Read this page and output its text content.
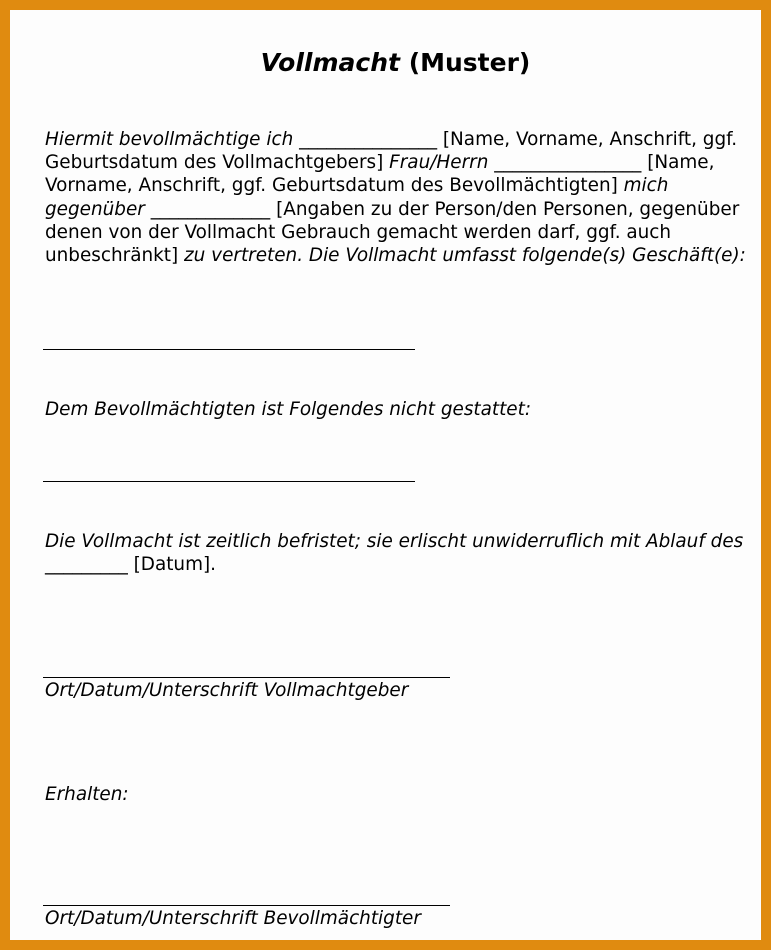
Vollmacht (Muster)
Hiermit bevollmächtige ich _______________ [Name, Vorname, Anschrift, ggf. Geburtsdatum des Vollmachtgebers] Frau/Herrn ________________ [Name, Vorname, Anschrift, ggf. Geburtsdatum des Bevollmächtigten] mich gegenüber _____________ [Angaben zu der Person/den Personen, gegenüber denen von der Vollmacht Gebrauch gemacht werden darf, ggf. auch unbeschränkt] zu vertreten. Die Vollmacht umfasst folgende(s) Geschäft(e):
Dem Bevollmächtigten ist Folgendes nicht gestattet:
Die Vollmacht ist zeitlich befristet; sie erlischt unwiderruflich mit Ablauf des _________ [Datum].
Ort/Datum/Unterschrift Vollmachtgeber
Erhalten:
Ort/Datum/Unterschrift Bevollmächtigter
